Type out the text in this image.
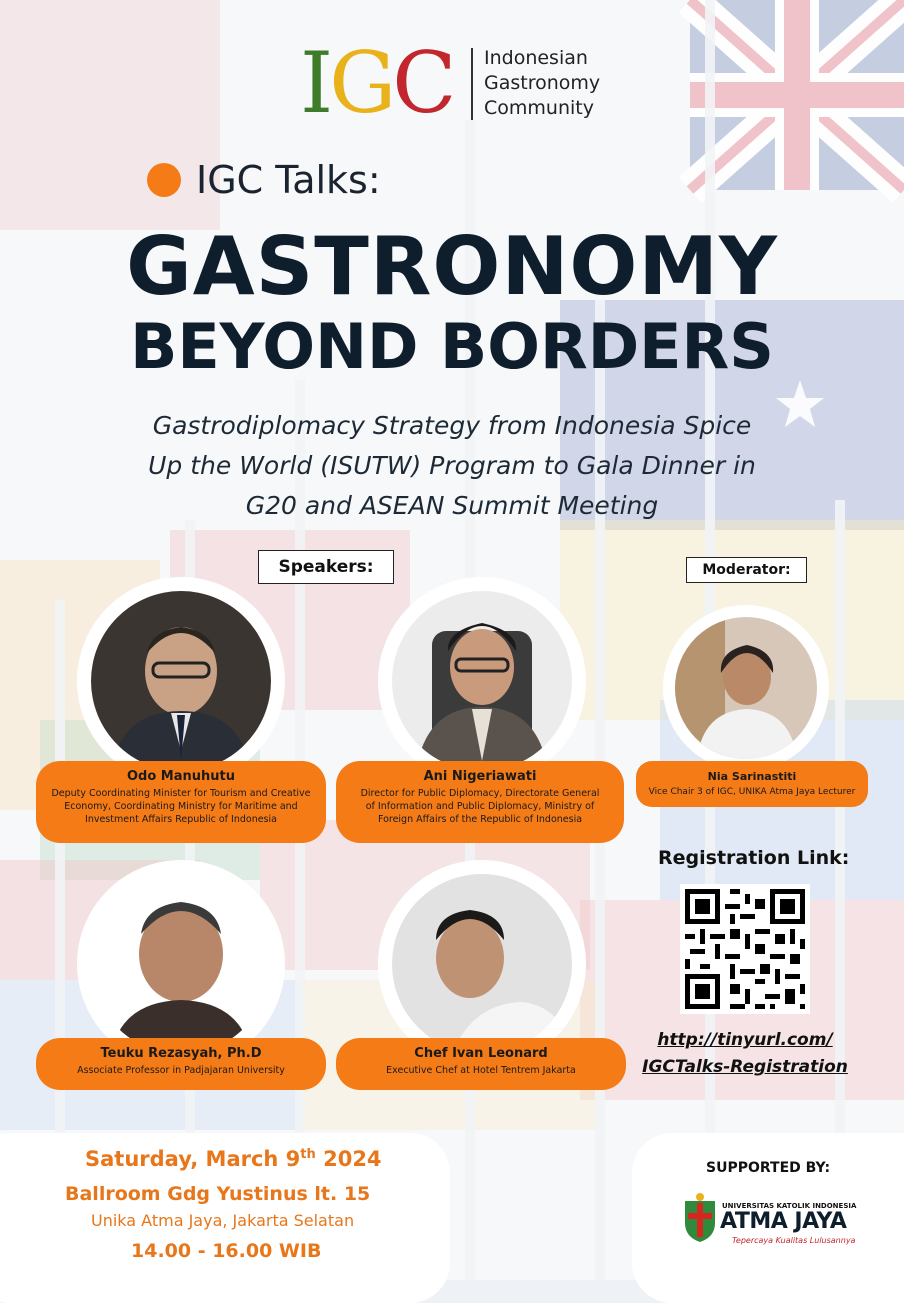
IGC Indonesian
Gastronomy
Community
IGC Talks:
GASTRONOMY
BEYOND BORDERS
Gastrodiplomacy Strategy from Indonesia Spice
Up the World (ISUTW) Program to Gala Dinner in
G20 and ASEAN Summit Meeting
Speakers:	Moderator:
Odo Manuhutu
Deputy Coordinating Minister for Tourism and Creative
Economy, Coordinating Ministry for Maritime and
Investment Affairs Republic of Indonesia
Ani Nigeriawati
Director for Public Diplomacy, Directorate General
of Information and Public Diplomacy, Ministry of
Foreign Affairs of the Republic of Indonesia
Nia Sarinastiti
Vice Chair 3 of IGC, UNIKA Atma Jaya Lecturer
Teuku Rezasyah, Ph.D
Associate Professor in Padjajaran University
Chef Ivan Leonard
Executive Chef at Hotel Tentrem Jakarta
Registration Link:
http://tinyurl.com/
IGCTalks-Registration
Saturday, March 9th 2024
Ballroom Gdg Yustinus lt. 15
Unika Atma Jaya, Jakarta Selatan
14.00 - 16.00 WIB
SUPPORTED BY:
UNIVERSITAS KATOLIK INDONESIA
ATMA JAYA
Tepercaya Kualitas Lulusannya
